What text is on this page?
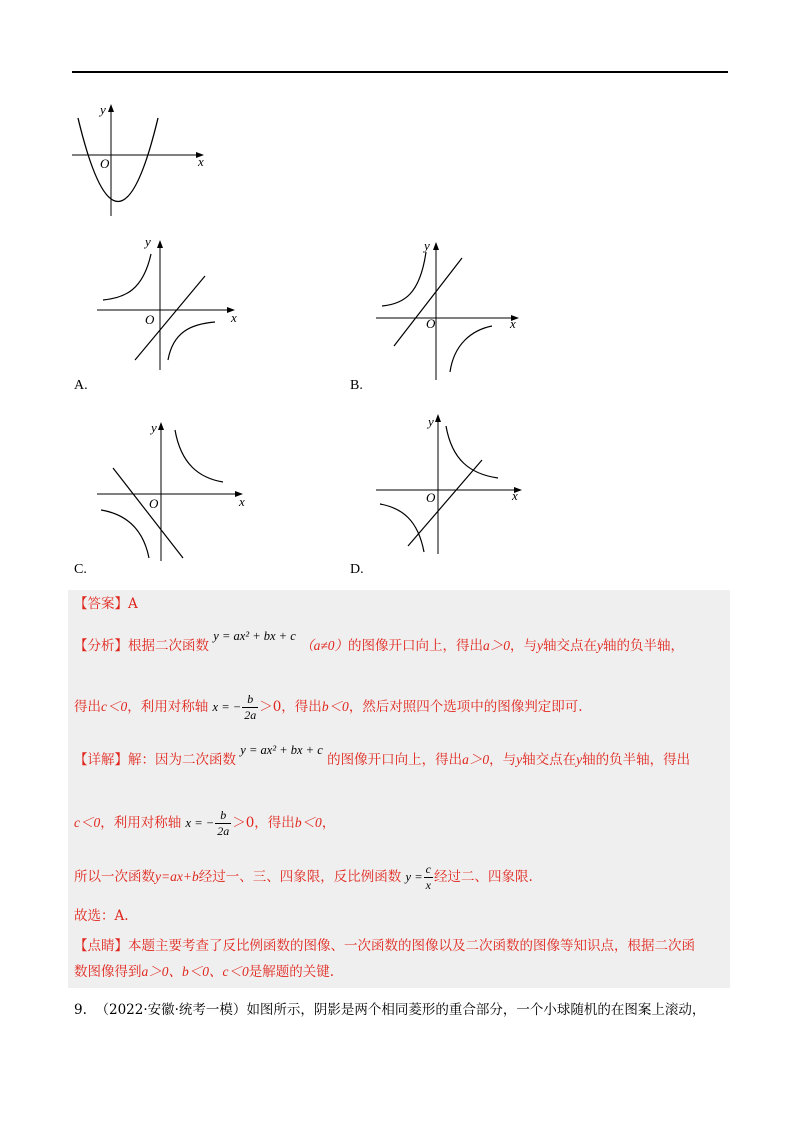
y
x
O
y
x
O
A.
y
x
O
B.
y
x
O
C.
y
x
O
D.
【答案】A
【分析】根据二次函数 y = ax² + bx + c （a≠0）的图像开口向上，得出a＞0，与y轴交点在y轴的负半轴，
得出c＜0，利用对称轴 x = − $\frac{b}{2a} >0$，得出b＜0，然后对照四个选项中的图像判定即可.
【详解】解：因为二次函数 y = ax² + bx + c 的图像开口向上，得出a＞0，与y轴交点在y轴的负半轴，得出
c＜0，利用对称轴 x = − $\frac{b}{2a} >0$，得出b＜0，
所以一次函数y=ax+b经过一、三、四象限，反比例函数 $y = \frac{c}{x}$ 经过二、四象限.
故选：A.
【点睛】本题主要考查了反比例函数的图像、一次函数的图像以及二次函数的图像等知识点，根据二次函
数图像得到a＞0、b＜0、c＜0是解题的关键.
9. （2022·安徽·统考一模）如图所示，阴影是两个相同菱形的重合部分，一个小球随机的在图案上滚动，
